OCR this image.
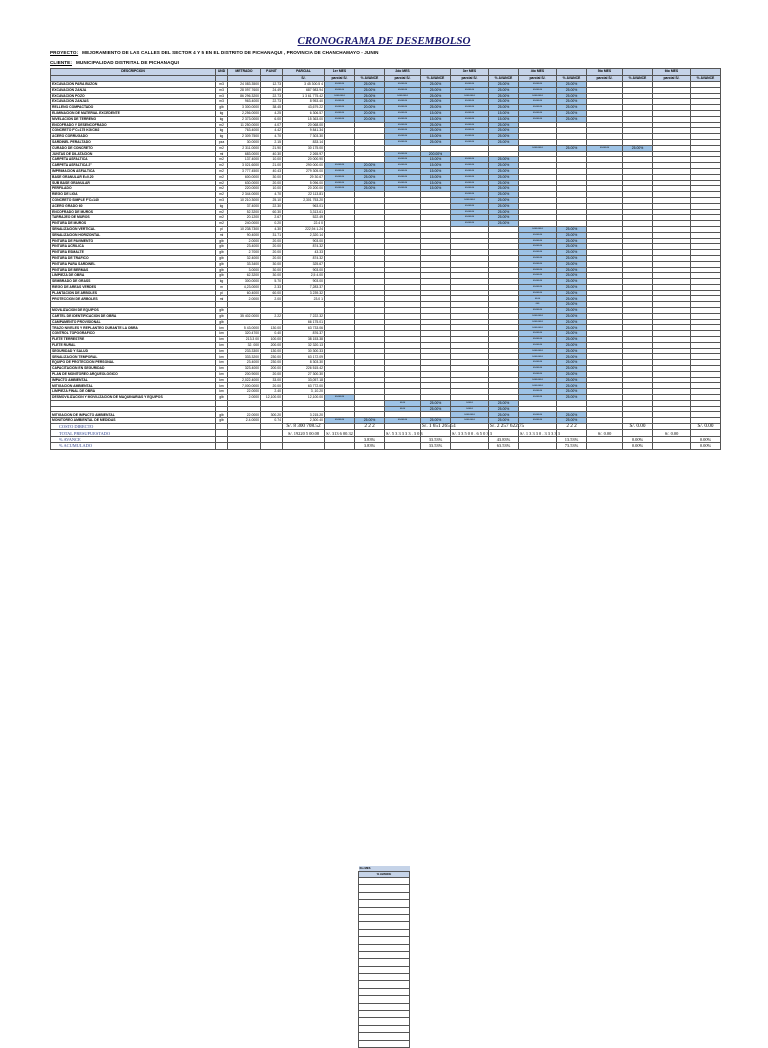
CRONOGRAMA DE DESEMBOLSO
PROYECTO: MEJORAMIENTO DE LAS CALLES DEL SECTOR 4 Y 5 EN EL DISTRITO DE PICHANAQUI , PROVINCIA DE CHANCHAMAYO - JUNIN
CLIENTE: MUNICIPALIDAD DISTRITAL DE PICHANAQUI
	DESCRIPCION	UND	METRADO	P.UNIT	PARCIAL	1er MES		2do MES		3er MES		4to MES		5to MES		6to MES	
					S/.	parcial S/.	% AVANCE	parcial S/.	% AVANCE	parcial S/.	% AVANCE	parcial S/.	% AVANCE	parcial S/.	% AVANCE	parcial S/.	% AVANCE
	EXCAVACION PARA BUZON	m3	24 083.3500	12.73	3 45 300.5 4	*******	25.00%	*******	25.00%	*******	25.00%	*******	25.00%				
	EXCAVACION ZANJA	m3	28 097.7600	24.49	687 983.94	*******	25.00%	*******	25.00%	*******	25.00%	*******	25.00%				
	EXCAVACION POZO	m3	86 296.3200	22.73	1 3 61 775.42	********	25.00%	********	25.00%	********	25.00%	********	25.00%				
	EXCAVACION ZANJAS	m3	963.4000	22.73	8 953.40	*******	25.00%	*******	25.00%	*******	25.00%	*******	25.00%				
	RELLENO COMPACTADO	glb	3 300.0000	38.45	43,679.22	*******	20.00%	*******	25.00%	*******	25.00%	*******	25.00%				
	ELIMINACION DE MATERIAL EXCEDENTE	kg	2,256.0000	4.25	6 306.57	*******	20.00%	*******	15.00%	*******	15.00%	*******	25.00%				
	NIVELACION DE TERRENO	kg	2 373.0000	6.00	15 363.00	*******	20.00%	*******	15.00%	*******	15.00%	*******	25.00%				
	ENCOFRADO Y DESENCOFRADO	m2	11 250.0000	4.07	20 068.00			*******	25.00%	*******	25.00%						
	CONCRETO F'C=175 KG/CM2	kg	763.4000	4.42	9 841.34			*******	25.00%	*******	25.00%						
	ACERO CORRUGADO	kg	2 309.7500	4.70	7 303.30			*******	15.00%	*******	25.00%						
	SARDINEL PERALTADO	pza	30.0000	2.15	833.14			*******	25.00%	*******	25.00%						
	CURADO DE CONCRETO	m2	2 311.0000	21.90	30 175.00							********	25.00%	*******	25.00%		
	JUNTAS DE DILATACION	ml	683.0000	40.30	2 265.97			*******	200.00%								
	CARPETA ASFALTICA	m2	137.4000	10.00	20 000.90			*******	15.00%	*******	25.00%						
	CARPETA ASFALTICA 2"	m2	3 021.6000	21.00	290 000.00	*******	20.00%	*******	15.00%	*******	25.00%						
	IMPRIMACION ASFALTICA	m2	3 777.4500	40.43	279 305.00	*******	25.00%	*******	15.00%	*******	25.00%						
	BASE GRANULAR E=0.20	m2	600.0000	30.00	29 30.67	*******	25.00%	*******	15.00%	*******	25.00%						
	SUB BASE GRANULAR	m2	630.0000	20.00	5 096.00	*******	25.00%	*******	15.00%	*******	25.00%						
	PERFILADO	m2	220.0000	10.00	20 200.00	*******	25.00%	*******	15.00%	*******	25.00%						
	RIEGO DE LIGA	m2	2 344.0000	4.70	22 113.81					*******	25.00%						
	CONCRETO SIMPLE F'C=140	m3	10 210.3000	25.10	2,301 753.20					********	25.00%						
	ACERO GRADO 60	kg	37.4000	22.30	963.01					*******	25.00%						
	ENCOFRADO DE MUROS	m2	52.3200	60.30	3,313.61					*******	25.00%						
	TARRAJEO DE MUROS	m2	20.1200	2.67	522.49					*******	25.00%						
	PINTURA DE MUROS	m2	240.0000	0.20	22.4 0					*******	25.00%						
	SENALIZACION VERTICAL	pl	10 238.7300	4.30	222,94 1.24							********	25.00%				
	SENALIZACION HORIZONTAL	ml	90.4000	31.71	2,320.14							*******	25.00%				
	PINTURA DE PAVIMENTO	glb	2.0000	20.00	903.00							*******	25.00%				
	PINTURA ACRILICA	glb	23.4000	20.00	874.32							*******	25.00%				
	PINTURA ESMALTE	glb	2.7000	20.00	43.33							*******	25.00%				
	PINTURA DE TRAFICO	glb	32.4000	20.00	874.32							*******	25.00%				
	PINTURA PARA SARDINEL	glb	33.3400	30.00	325.67							*******	25.00%				
	PINTURA DE BERMAS	glb	3.0000	30.00	903.00							*******	25.00%				
	LIMPIEZA DE OBRA	glb	62.3200	30.00	2,5 4.00							*******	25.00%				
	SEMBRADO DE GRASS	kg	300.0000	5.70	903.00							*******	25.00%				
	RIEGO DE AREAS VERDES	m	4,23.0000	2.33	7,283.37							*******	25.00%				
	PLANTACION DE ARBOLES	pl	60.4000	60.00	3 239.32							*******	25.00%				
	PROTECCION DE ARBOLES	ml	2.0000	2.00	23.0 1							****	25.00%				
												***	25.00%				
	MOVILIZACION DE EQUIPOS	glb										*******	25.00%				
	CARTEL DE IDENTIFICACION DE OBRA	glb	35 402.0000	2.22	7 222.32							********	25.00%				
	CAMPAMENTO PROVISIONAL	glb			66 175.01							********	25.00%				
	TRAZO NIVELES Y REPLANTEO DURANTE LA OBRA	km	5 43.0000	130.00	63 733.06							********	25.00%				
	CONTROL TOPOGRAFICO	km	320.4700	0.40	876.37							*******	25.00%				
	FLETE TERRESTRE	km	213.3 00	100.00	38 153.38							*******	25.00%				
	FLETE RURAL	km	32. 000	200.00	32 320.13							*******	25.00%				
	SEGURIDAD Y SALUD	km	233.3300	130.00	30 300.33							********	25.00%				
	SENALIZACION TEMPORAL	km	333.3200	230.00	63 172.09							********	25.00%				
	EQUIPO DE PROTECCION PERSONAL	km	23.4000	230.00	8 303.30							*******	25.00%				
	CAPACITACION EN SEGURIDAD	km	323.4000	200.00	226 515.42							*******	25.00%				
	PLAN DE MONITOREO ARQUEOLOGICO	km	200.9000	20.00	27 300.30							*******	25.00%				
	IMPACTO AMBIENTAL	km	2,022.4000	33.00	33,057.18							********	25.00%				
	MITIGACION AMBIENTAL	km	7,000.0000	20.00	63 772.00							********	25.00%				
	LIMPIEZA FINAL DE OBRA	km	22.0000	2.40	3 ,10.20							*******	25.00%				
	DESMOVILIZACION Y MOVILIZACION DE MAQUINARIAS Y EQUIPOS	glb	2.0000	12,100.00	12,100.00	*******						*******	25.00%				
								****	25.00%	*****	25.00%						
								****	25.00%	*****	25.00%						
	MITIGACION DE IMPACTO AMBIENTAL	glb	22.0000	300.20	3 215.20					********	25.00%	*******	25.00%				
	MONITOREO AMBIENTAL DE MEDIDAS	glb	2.4.0000	0.74	2,300.40	*******	25.00%	*******	25.00%	********	25.00%	*******	25.00%				
	COSTO DIRECTO				S/. 8 300 708.52		2 2 2		S/. 1 651 265.51		S/. 2 257 622.75		2 2 2		S/. 0.00		S/. 0.00
	TOTAL PRESUPUESTADO				S/. 19220 5 00.08	S/. 313 6 00.32		S/. 5 3 3 3 3 3 . 3 0 3		S/. 3 3 5 0 0 . 6 5 0 3 3		S/. 1 3 3 3 0 . 3 3 3 3 3		S/. 0.00		S/. 0.00	
	% AVANCE						3.83%		33.53%		43.83%		13.53%		0.00%		0.00%
	% ACUMULADO						3.83%		33.53%		63.53%		73.53%		0.00%		0.00%
6to MES
% AVANCE
